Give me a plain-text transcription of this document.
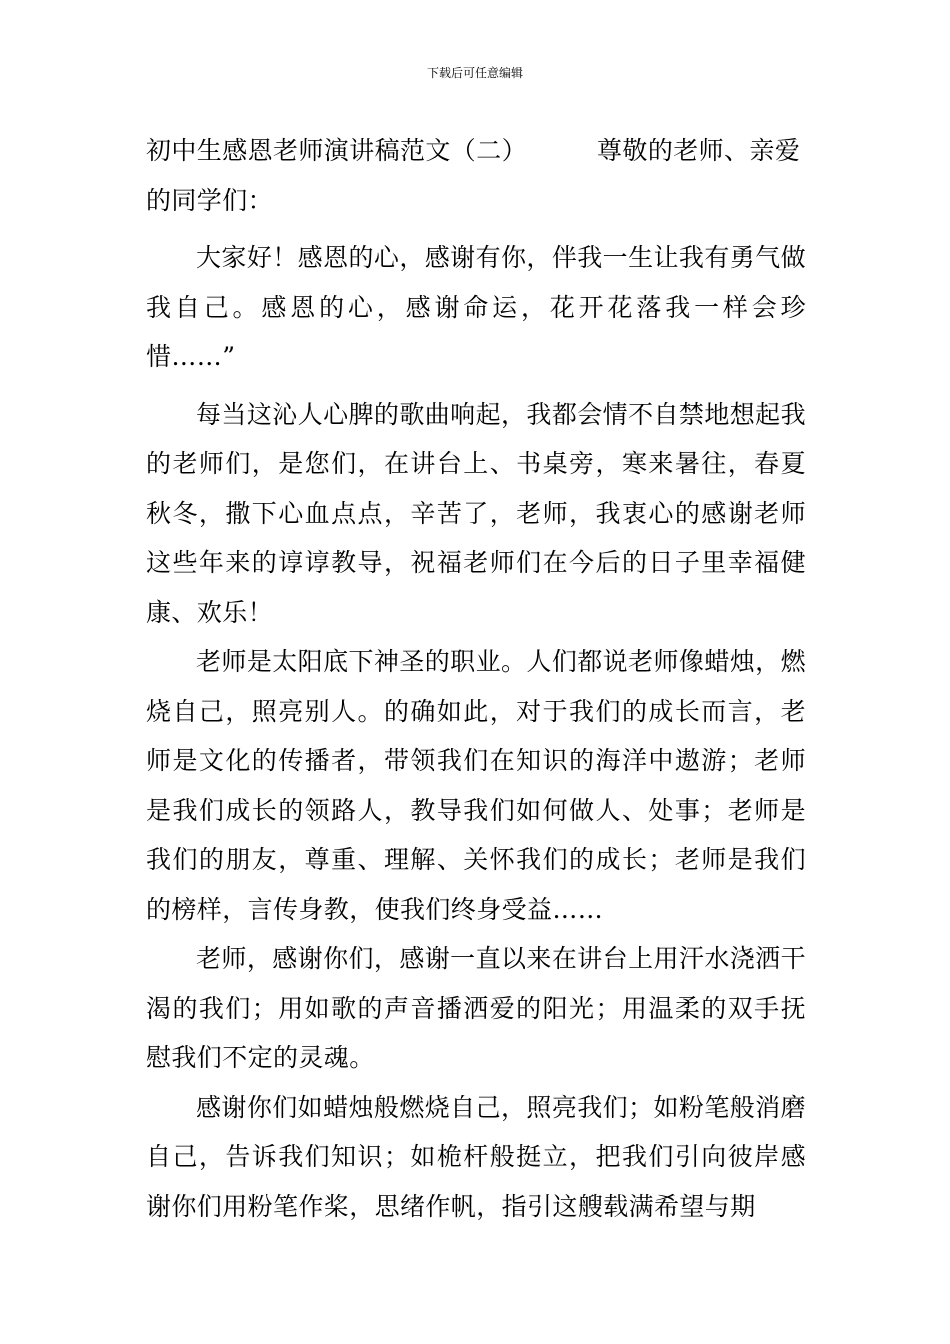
下载后可任意编辑

初中生感恩老师演讲稿范文（二）	尊敬的老师、亲爱

的同学们：

大家好！感恩的心，感谢有你，伴我一生让我有勇气做我自己。感恩的心，感谢命运，花开花落我一样会珍惜……”

每当这沁人心脾的歌曲响起，我都会情不自禁地想起我的老师们，是您们，在讲台上、书桌旁，寒来暑往，春夏秋冬，撒下心血点点，辛苦了，老师，我衷心的感谢老师这些年来的谆谆教导，祝福老师们在今后的日子里幸福健康、欢乐！

老师是太阳底下神圣的职业。人们都说老师像蜡烛，燃烧自己，照亮别人。的确如此，对于我们的成长而言，老师是文化的传播者，带领我们在知识的海洋中遨游；老师是我们成长的领路人，教导我们如何做人、处事；老师是我们的朋友，尊重、理解、关怀我们的成长；老师是我们的榜样，言传身教，使我们终身受益……

老师，感谢你们，感谢一直以来在讲台上用汗水浇洒干渴的我们；用如歌的声音播洒爱的阳光；用温柔的双手抚慰我们不定的灵魂。

感谢你们如蜡烛般燃烧自己，照亮我们；如粉笔般消磨自己，告诉我们知识；如桅杆般挺立，把我们引向彼岸感谢你们用粉笔作桨，思绪作帆，指引这艘载满希望与期
